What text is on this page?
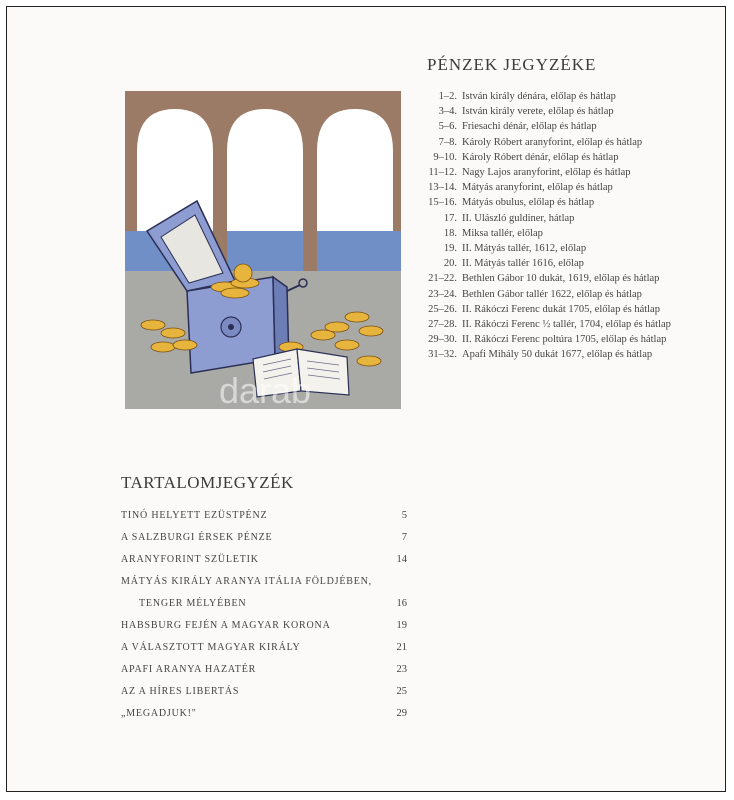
darab
PÉNZEK JEGYZÉKE
1–2. István király dénára, előlap és hátlap
3–4. István király verete, előlap és hátlap
5–6. Friesachi dénár, előlap és hátlap
7–8. Károly Róbert aranyforint, előlap és hátlap
9–10. Károly Róbert dénár, előlap és hátlap
11–12. Nagy Lajos aranyforint, előlap és hátlap
13–14. Mátyás aranyforint, előlap és hátlap
15–16. Mátyás obulus, előlap és hátlap
17. II. Ulászló guldiner, hátlap
18. Miksa tallér, előlap
19. II. Mátyás tallér, 1612, előlap
20. II. Mátyás tallér 1616, előlap
21–22. Bethlen Gábor 10 dukát, 1619, előlap és hátlap
23–24. Bethlen Gábor tallér 1622, előlap és hátlap
25–26. II. Rákóczi Ferenc dukát 1705, előlap és hátlap
27–28. II. Rákóczi Ferenc ½ tallér, 1704, előlap és hátlap
29–30. II. Rákóczi Ferenc poltúra 1705, előlap és hátlap
31–32. Apafi Mihály 50 dukát 1677, előlap és hátlap
TARTALOMJEGYZÉK
TINÓ HELYETT EZÜSTPÉNZ	5
A SALZBURGI ÉRSEK PÉNZE	7
ARANYFORINT SZÜLETIK	14
MÁTYÁS KIRÁLY ARANYA ITÁLIA FÖLDJÉBEN,
TENGER MÉLYÉBEN	16
HABSBURG FEJÉN A MAGYAR KORONA	19
A VÁLASZTOTT MAGYAR KIRÁLY	21
APAFI ARANYA HAZATÉR	23
AZ A HÍRES LIBERTÁS	25
„MEGADJUK!"	29
